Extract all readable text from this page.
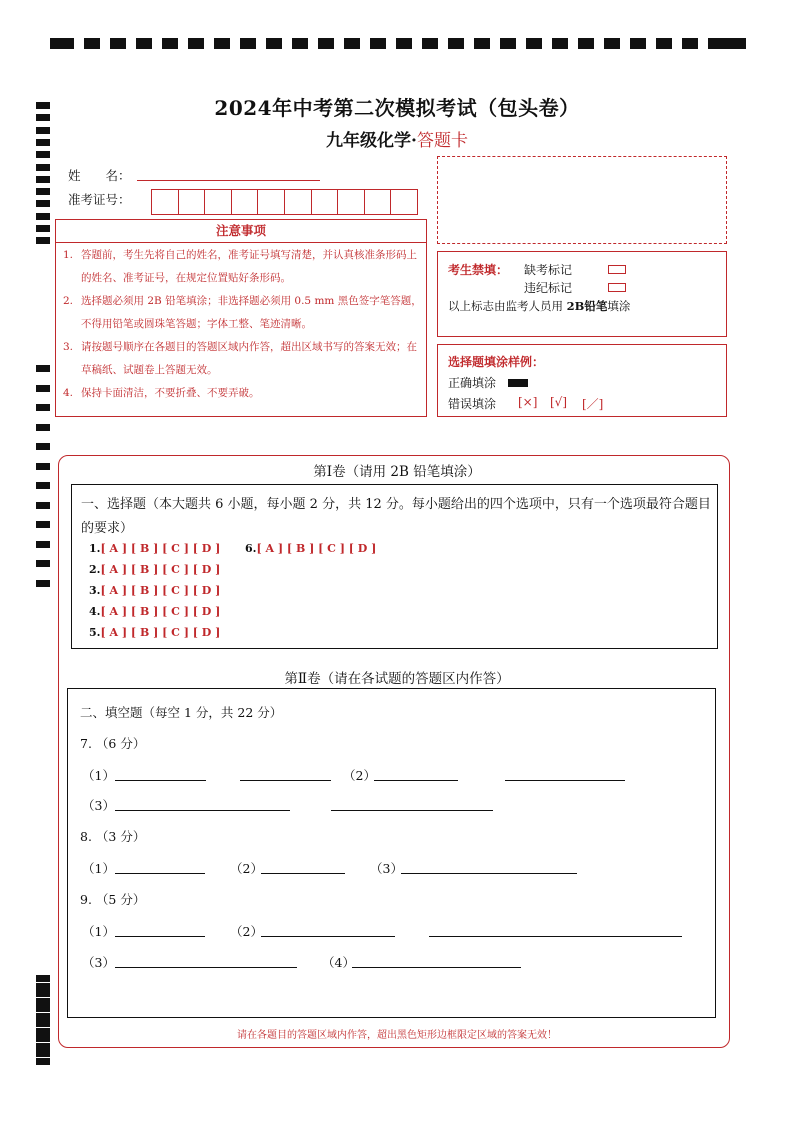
2024年中考第二次模拟考试（包头卷）
九年级化学·答题卡
姓　　名：
准考证号：
注意事项
1. 答题前，考生先将自己的姓名，准考证号填写清楚，并认真核准条形码上的姓名、准考证号，在规定位置贴好条形码。
2. 选择题必须用 2B 铅笔填涂；非选择题必须用 0.5 mm 黑色签字笔答题，不得用铅笔或圆珠笔答题；字体工整、笔迹清晰。
3. 请按题号顺序在各题目的答题区域内作答，超出区域书写的答案无效；在草稿纸、试题卷上答题无效。
4. 保持卡面清洁，不要折叠、不要弄破。
考生禁填： 缺考标记
违纪标记
以上标志由监考人员用 2B铅笔填涂
选择题填涂样例：
正确填涂
错误填涂 [×] [√] [／]
第Ⅰ卷（请用 2B 铅笔填涂）
一、选择题（本大题共 6 小题，每小题 2 分，共 12 分。每小题给出的四个选项中，只有一个选项最符合题目的要求）
1.[ A ] [ B ] [ C ] [ D ]
2.[ A ] [ B ] [ C ] [ D ]
3.[ A ] [ B ] [ C ] [ D ]
4.[ A ] [ B ] [ C ] [ D ]
5.[ A ] [ B ] [ C ] [ D ]
6.[ A ] [ B ] [ C ] [ D ]
第Ⅱ卷（请在各试题的答题区内作答）
二、填空题（每空 1 分，共 22 分）
7. （6 分）
（1）	（2）
（3）
8. （3 分）
（1）	（2）	（3）
9. （5 分）
（1）	（2）
（3）	（4）
请在各题目的答题区域内作答，超出黑色矩形边框限定区域的答案无效！
